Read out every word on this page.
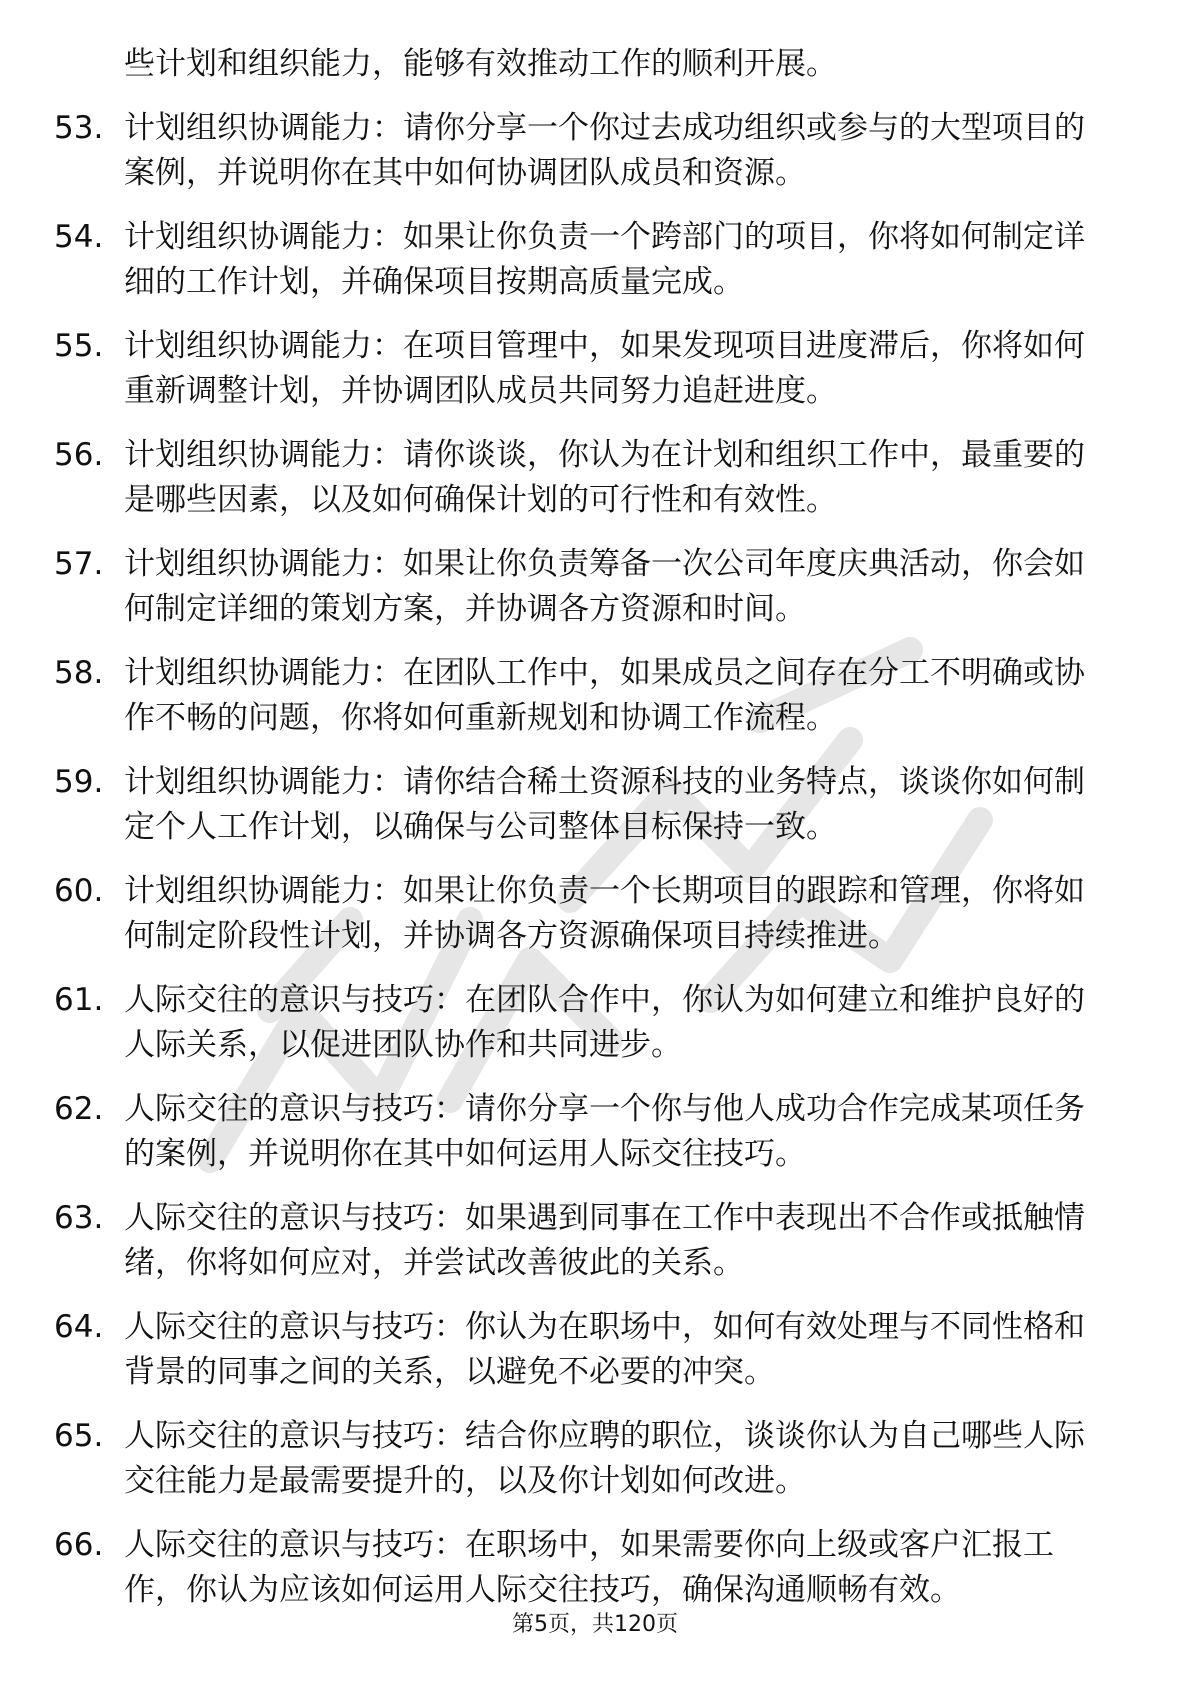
些计划和组织能力，能够有效推动工作的顺利开展。

53. 计划组织协调能力：请你分享一个你过去成功组织或参与的大型项目的案例，并说明你在其中如何协调团队成员和资源。
54. 计划组织协调能力：如果让你负责一个跨部门的项目，你将如何制定详细的工作计划，并确保项目按期高质量完成。
55. 计划组织协调能力：在项目管理中，如果发现项目进度滞后，你将如何重新调整计划，并协调团队成员共同努力追赶进度。
56. 计划组织协调能力：请你谈谈，你认为在计划和组织工作中，最重要的是哪些因素，以及如何确保计划的可行性和有效性。
57. 计划组织协调能力：如果让你负责筹备一次公司年度庆典活动，你会如何制定详细的策划方案，并协调各方资源和时间。
58. 计划组织协调能力：在团队工作中，如果成员之间存在分工不明确或协作不畅的问题，你将如何重新规划和协调工作流程。
59. 计划组织协调能力：请你结合稀土资源科技的业务特点，谈谈你如何制定个人工作计划，以确保与公司整体目标保持一致。
60. 计划组织协调能力：如果让你负责一个长期项目的跟踪和管理，你将如何制定阶段性计划，并协调各方资源确保项目持续推进。
61. 人际交往的意识与技巧：在团队合作中，你认为如何建立和维护良好的人际关系，以促进团队协作和共同进步。
62. 人际交往的意识与技巧：请你分享一个你与他人成功合作完成某项任务的案例，并说明你在其中如何运用人际交往技巧。
63. 人际交往的意识与技巧：如果遇到同事在工作中表现出不合作或抵触情绪，你将如何应对，并尝试改善彼此的关系。
64. 人际交往的意识与技巧：你认为在职场中，如何有效处理与不同性格和背景的同事之间的关系，以避免不必要的冲突。
65. 人际交往的意识与技巧：结合你应聘的职位，谈谈你认为自己哪些人际交往能力是最需要提升的，以及你计划如何改进。
66. 人际交往的意识与技巧：在职场中，如果需要你向上级或客户汇报工作，你认为应该如何运用人际交往技巧，确保沟通顺畅有效。
第5页，共120页
